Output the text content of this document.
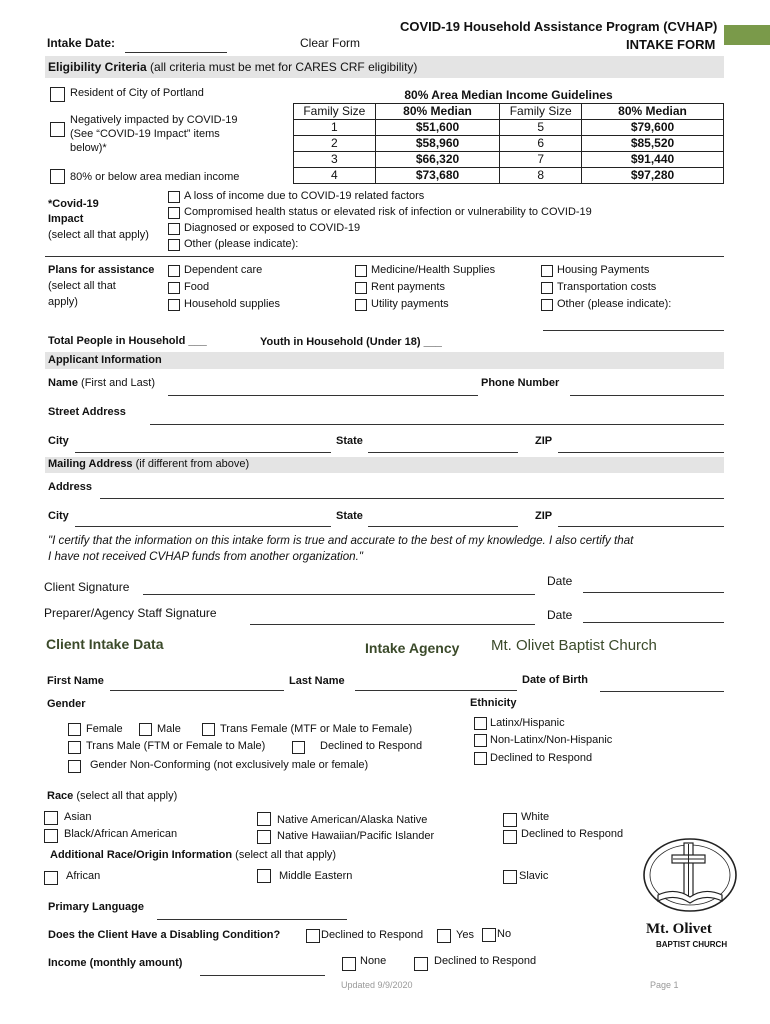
Intake Date:	Clear Form
COVID-19 Household Assistance Program (CVHAP)
INTAKE FORM
Eligibility Criteria (all criteria must be met for CARES CRF eligibility)
Resident of City of Portland
Negatively impacted by COVID-19
(See “COVID-19 Impact” items
below)*
80% or below area median income
80% Area Median Income Guidelines			
Family Size	80% Median	Family Size	80% Median
1	$51,600	5	$79,600
2	$58,960	6	$85,520
3	$66,320	7	$91,440
4	$73,680	8	$97,280
*Covid-19
Impact
(select all that apply)
A loss of income due to COVID-19 related factors
Compromised health status or elevated risk of infection or vulnerability to COVID-19
Diagnosed or exposed to COVID-19
Other (please indicate):
Plans for assistance
(select all that
apply)
Dependent care
Food
Household supplies
Medicine/Health Supplies
Rent payments
Utility payments
Housing Payments
Transportation costs
Other (please indicate):
Total People in Household ___	Youth in Household (Under 18) ___
Applicant Information
Name (First and Last)	Phone Number
Street Address
City	State	ZIP
Mailing Address (if different from above)
Address
City	State	ZIP
"I certify that the information on this intake form is true and accurate to the best of my knowledge. I also certify that
I have not received CVHAP funds from another organization."
Client Signature	Date
Preparer/Agency Staff Signature	Date
Client Intake Data	Intake Agency Mt. Olivet Baptist Church
First Name	Last Name	Date of Birth
Gender	Ethnicity
Female	Male	Trans Female (MTF or Male to Female)
Trans Male (FTM or Female to Male)	Declined to Respond
Gender Non-Conforming (not exclusively male or female)
Latinx/Hispanic
Non-Latinx/Non-Hispanic
Declined to Respond
Race (select all that apply)
Asian
Black/African American
Native American/Alaska Native
Native Hawaiian/Pacific Islander
White
Declined to Respond
Additional Race/Origin Information (select all that apply)
African	Middle Eastern	Slavic
Primary Language
Does the Client Have a Disabling Condition?	Declined to Respond	Yes No
Income (monthly amount)	None	Declined to Respond
Mt. Olivet
BAPTIST CHURCH
Updated 9/9/2020	Page 1
